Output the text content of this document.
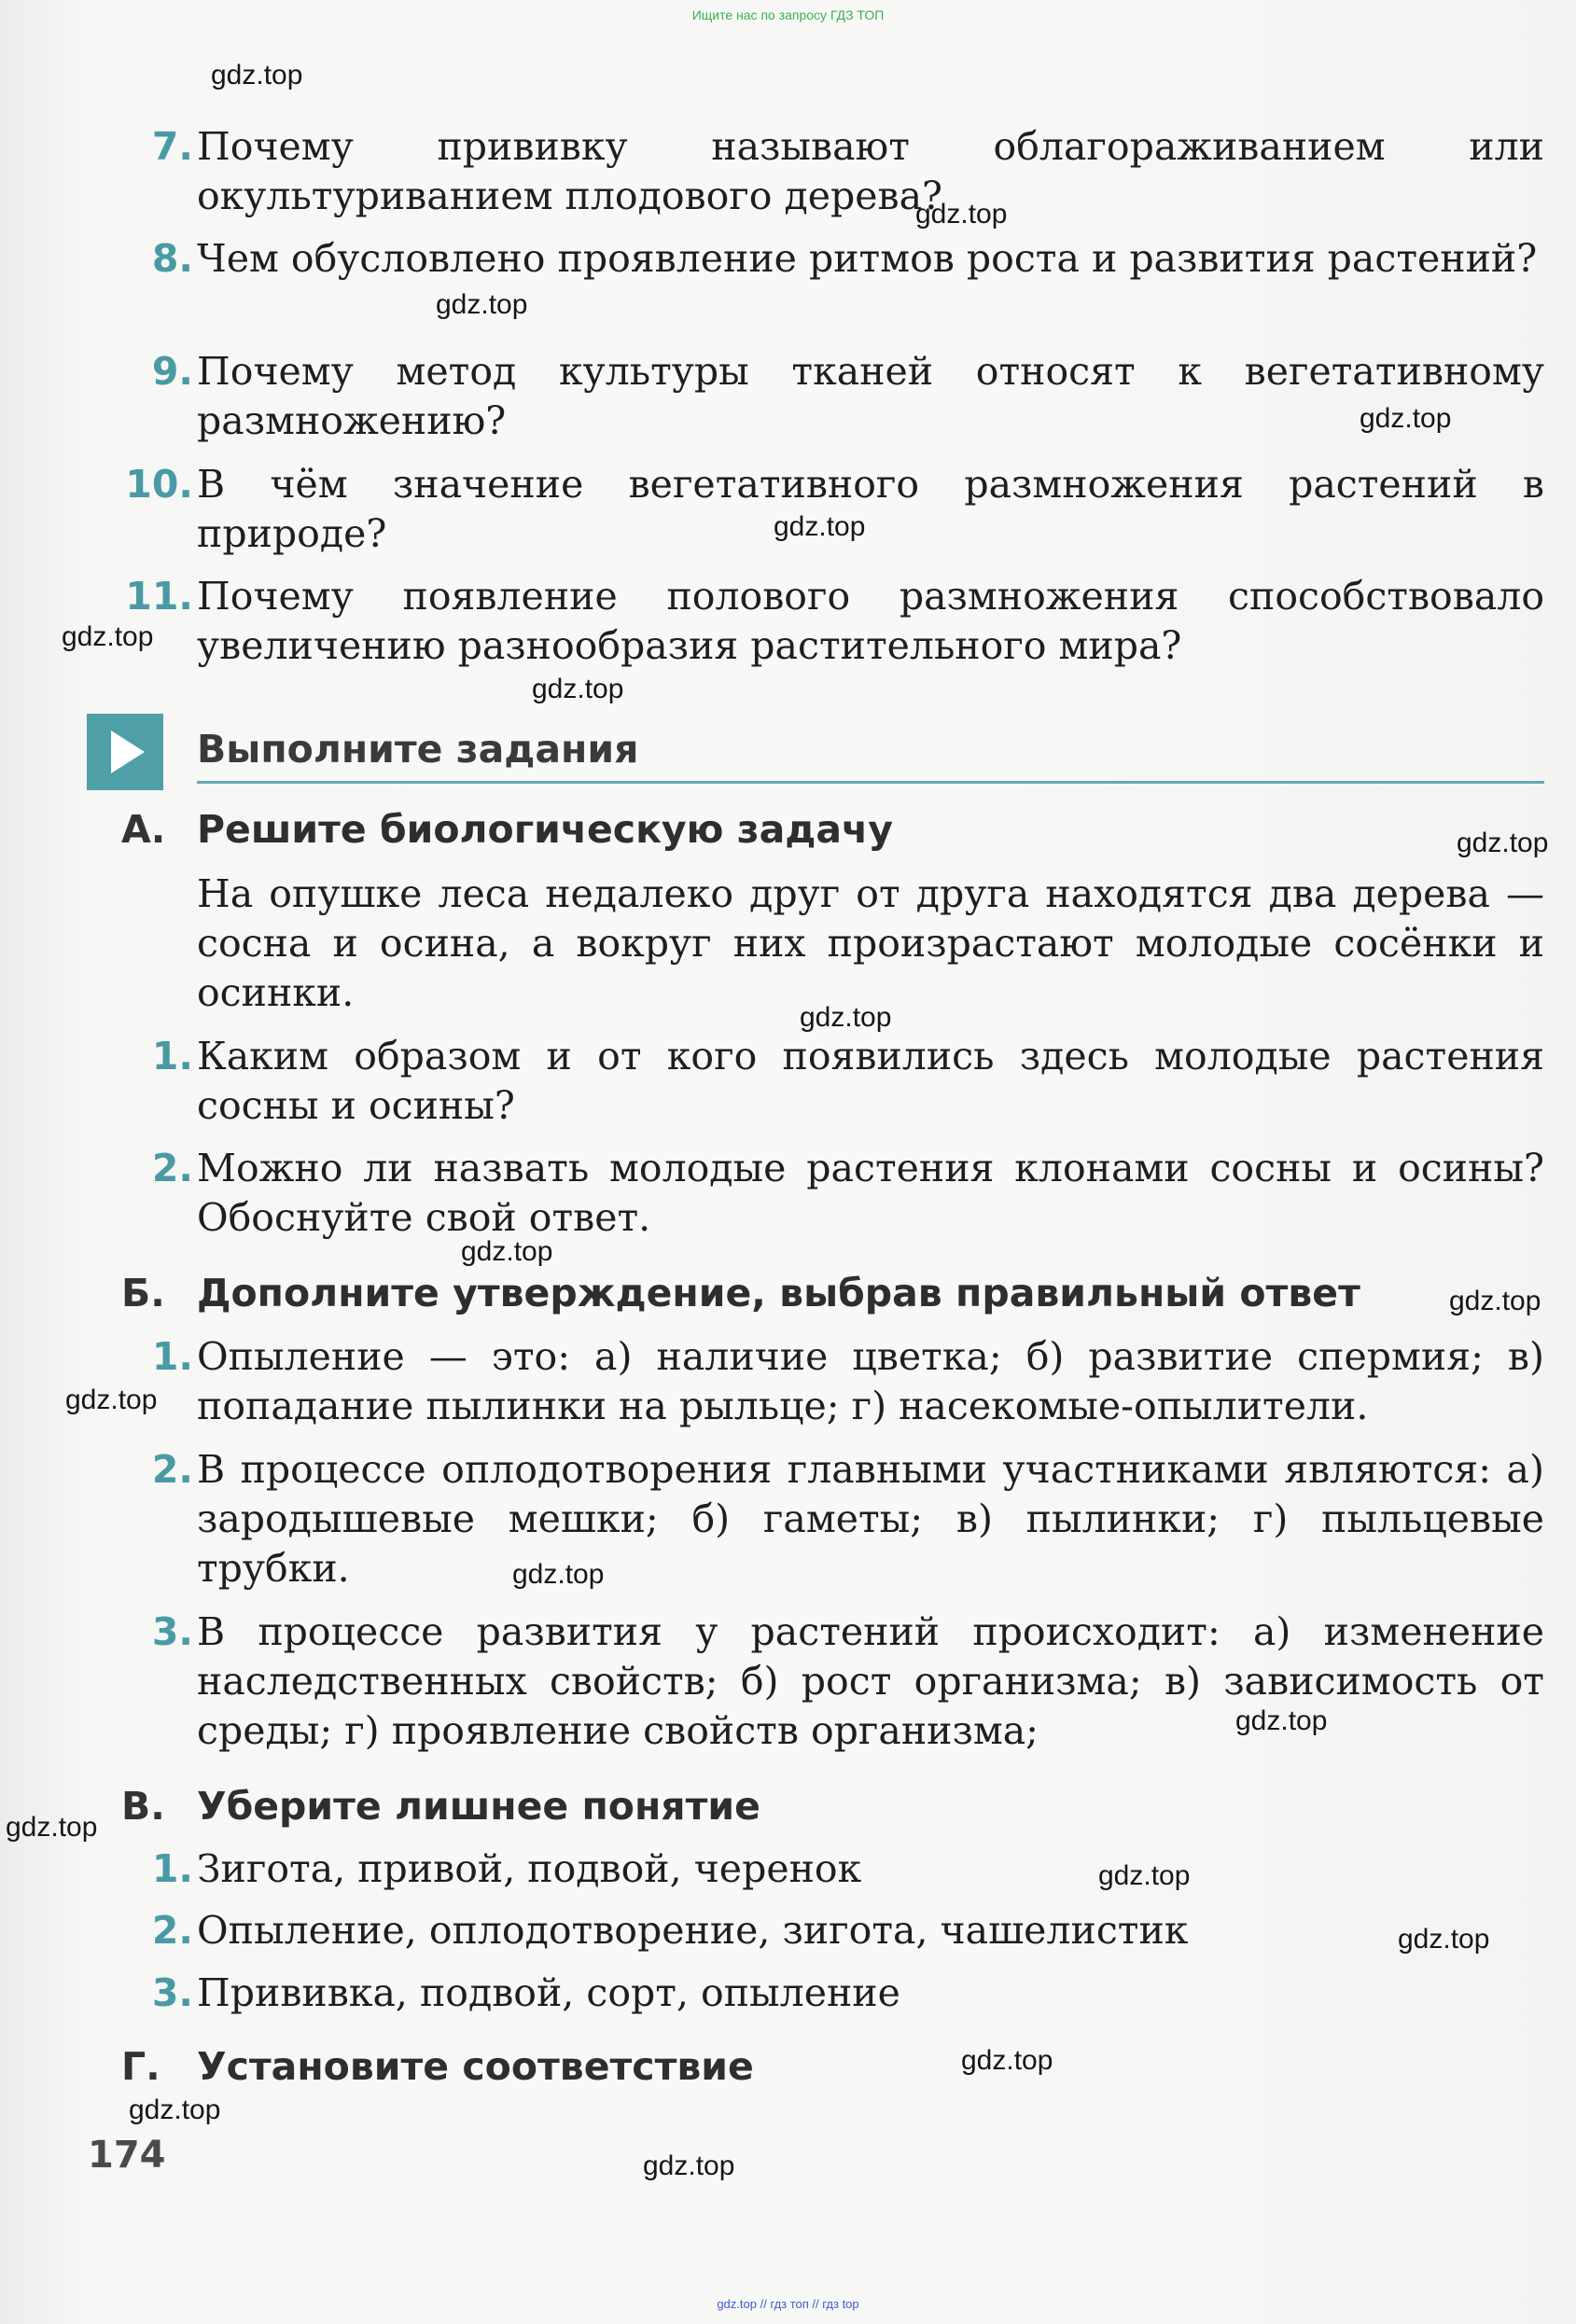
Ищите нас по запросу ГДЗ ТОП
7. Почему прививку называют облагораживанием или окультуриванием плодового дерева?
8. Чем обусловлено проявление ритмов роста и развития растений?
9. Почему метод культуры тканей относят к вегетативному размножению?
10. В чём значение вегетативного размножения растений в природе?
11. Почему появление полового размножения способствовало увеличению разнообразия растительного мира?
Выполните задания
А. Решите биологическую задачу
На опушке леса недалеко друг от друга находятся два дерева — сосна и осина, а вокруг них произрастают молодые сосёнки и осинки.
1. Каким образом и от кого появились здесь молодые растения сосны и осины?
2. Можно ли назвать молодые растения клонами сосны и осины? Обоснуйте свой ответ.
Б. Дополните утверждение, выбрав правильный ответ
1. Опыление — это: а) наличие цветка; б) развитие спермия; в) попадание пылинки на рыльце; г) насекомые-опылители.
2. В процессе оплодотворения главными участниками являются: а) зародышевые мешки; б) гаметы; в) пылинки; г) пыльцевые трубки.
3. В процессе развития у растений происходит: а) изменение наследственных свойств; б) рост организма; в) зависимость от среды; г) проявление свойств организма;
В. Уберите лишнее понятие
1. Зигота, привой, подвой, черенок
2. Опыление, оплодотворение, зигота, чашелистик
3. Прививка, подвой, сорт, опыление
Г. Установите соответствие
174
gdz.top
gdz.top
gdz.top
gdz.top
gdz.top
gdz.top
gdz.top
gdz.top
gdz.top
gdz.top
gdz.top
gdz.top
gdz.top
gdz.top
gdz.top
gdz.top
gdz.top
gdz.top
gdz.top
gdz.top
gdz.top // гдз топ // гдз top
